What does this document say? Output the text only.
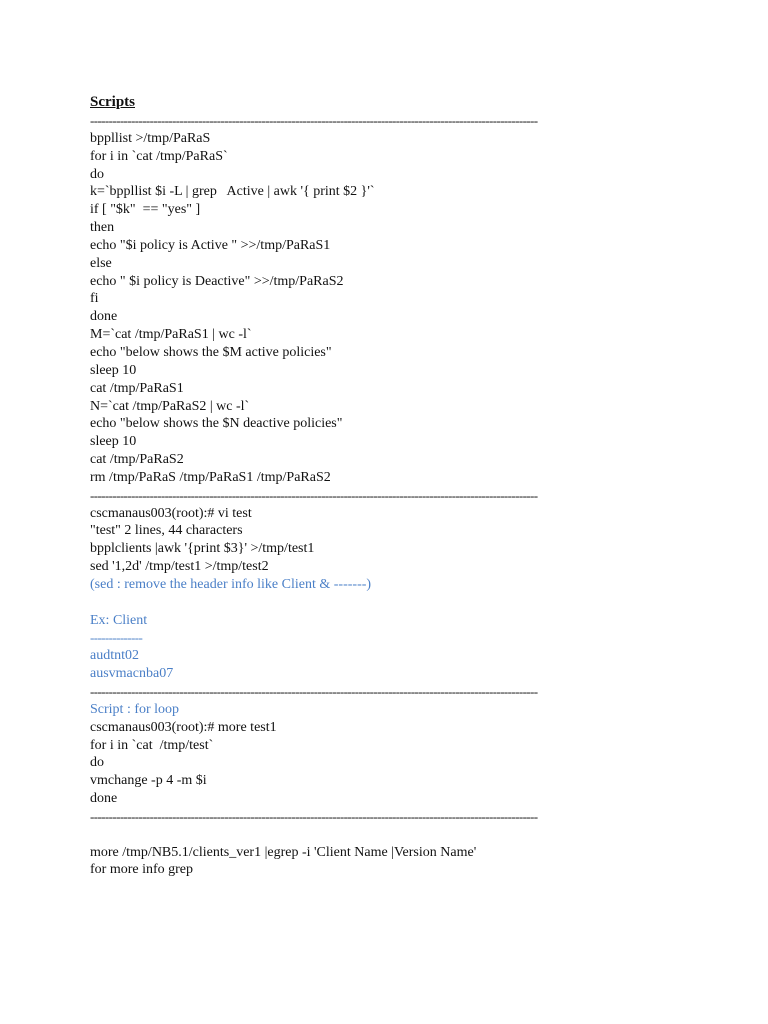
Scripts
------------------------------------------------------------------------------------------------------------------------
bppllist >/tmp/PaRaS
for i in `cat /tmp/PaRaS`
do
k=`bppllist $i -L | grep   Active | awk '{ print $2 }'`
if [ "$k"  == "yes" ]
then
echo "$i policy is Active " >>/tmp/PaRaS1
else
echo " $i policy is Deactive" >>/tmp/PaRaS2
fi
done
M=`cat /tmp/PaRaS1 | wc -l`
echo "below shows the $M active policies"
sleep 10
cat /tmp/PaRaS1
N=`cat /tmp/PaRaS2 | wc -l`
echo "below shows the $N deactive policies"
sleep 10
cat /tmp/PaRaS2
rm /tmp/PaRaS /tmp/PaRaS1 /tmp/PaRaS2
------------------------------------------------------------------------------------------------------------------------
cscmanaus003(root):# vi test
"test" 2 lines, 44 characters
bpplclients |awk '{print $3}' >/tmp/test1
sed '1,2d' /tmp/test1 >/tmp/test2
(sed : remove the header info like Client & -------)
Ex: Client
--------------
audtnt02
ausvmacnba07
------------------------------------------------------------------------------------------------------------------------
Script : for loop
cscmanaus003(root):# more test1
for i in `cat  /tmp/test`
do
vmchange -p 4 -m $i
done
------------------------------------------------------------------------------------------------------------------------
more /tmp/NB5.1/clients_ver1 |egrep -i 'Client Name |Version Name'
for more info grep
